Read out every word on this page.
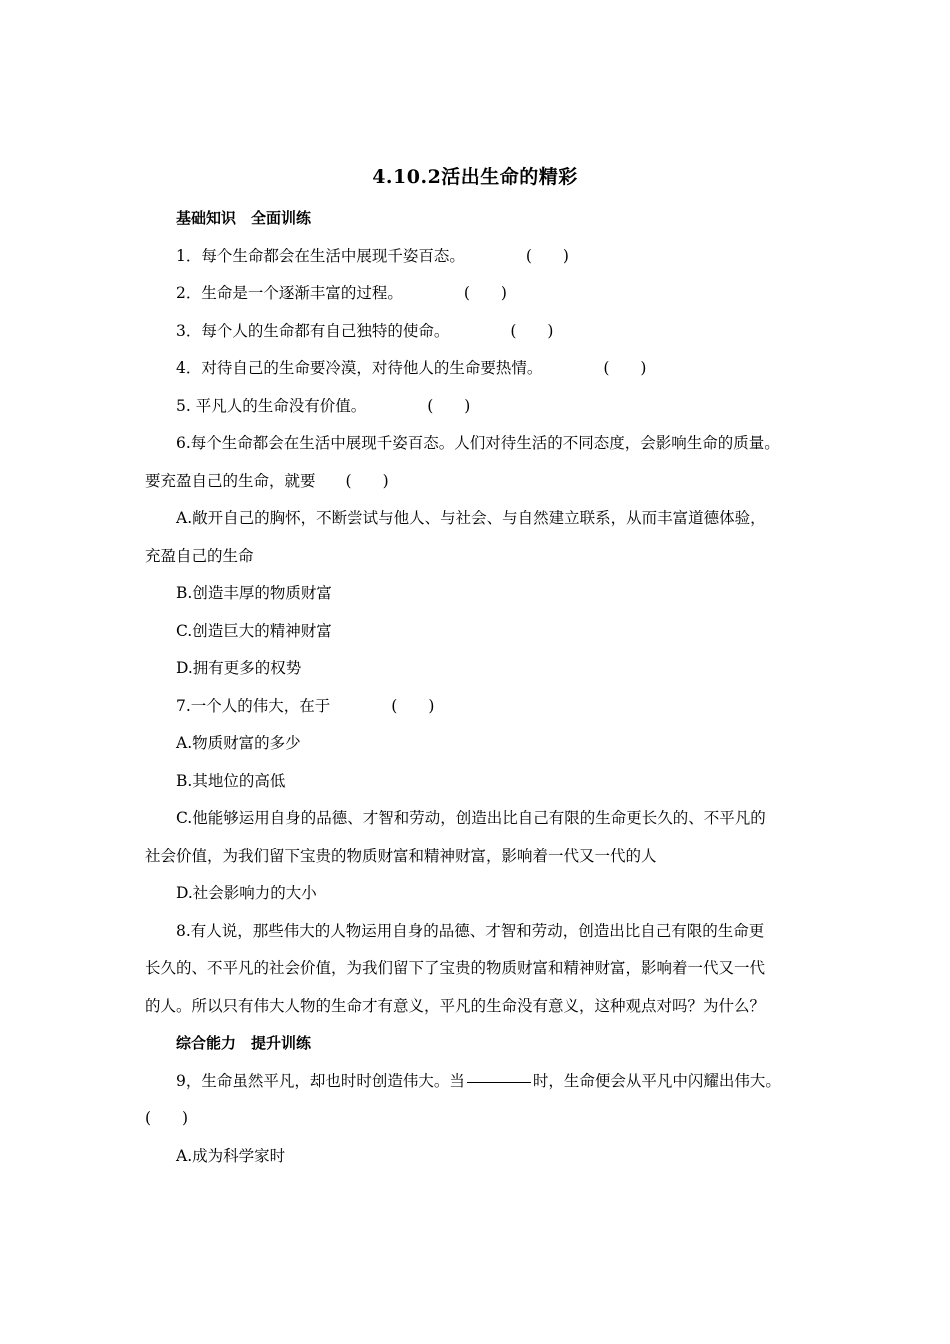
4.10.2活出生命的精彩

基础知识　全面训练

1．每个生命都会在生活中展现千姿百态。	(　　)

2．生命是一个逐渐丰富的过程。	(　　)

3．每个人的生命都有自己独特的使命。	(　　)

4．对待自己的生命要冷漠，对待他人的生命要热情。	(　　)

5. 平凡人的生命没有价值。	(　　)

6.每个生命都会在生活中展现千姿百态。人们对待生活的不同态度，会影响生命的质量。

要充盈自己的生命，就要 (　　)

A.敞开自己的胸怀，不断尝试与他人、与社会、与自然建立联系，从而丰富道德体验，

充盈自己的生命

B.创造丰厚的物质财富

C.创造巨大的精神财富

D.拥有更多的权势

7.一个人的伟大，在于	(　　)

A.物质财富的多少

B.其地位的高低

C.他能够运用自身的品德、才智和劳动，创造出比自己有限的生命更长久的、不平凡的

社会价值，为我们留下宝贵的物质财富和精神财富，影响着一代又一代的人

D.社会影响力的大小

8.有人说，那些伟大的人物运用自身的品德、才智和劳动，创造出比自己有限的生命更

长久的、不平凡的社会价值，为我们留下了宝贵的物质财富和精神财富，影响着一代又一代

的人。所以只有伟大人物的生命才有意义，平凡的生命没有意义，这种观点对吗？为什么？

综合能力　提升训练

9，生命虽然平凡，却也时时创造伟大。当	时，生命便会从平凡中闪耀出伟大。

(　　)

A.成为科学家时
